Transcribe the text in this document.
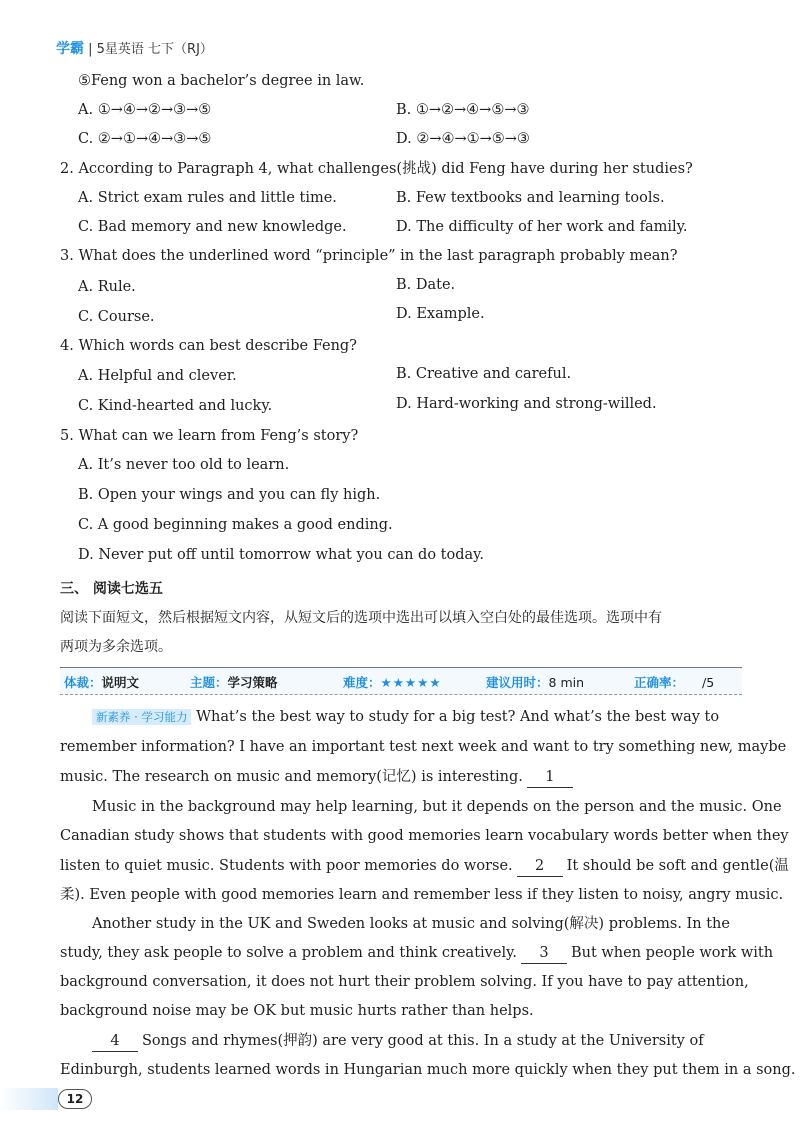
学霸 | 5星英语 七下（RJ）
⑤Feng won a bachelor’s degree in law.
A. ①→④→②→③→⑤	B. ①→②→④→⑤→③
C. ②→①→④→③→⑤	D. ②→④→①→⑤→③
2. According to Paragraph 4, what challenges(挑战) did Feng have during her studies?
A. Strict exam rules and little time.	B. Few textbooks and learning tools.
C. Bad memory and new knowledge.	D. The difficulty of her work and family.
3. What does the underlined word “principle” in the last paragraph probably mean?
A. Rule.	B. Date.
C. Course.	D. Example.
4. Which words can best describe Feng?
A. Helpful and clever.	B. Creative and careful.
C. Kind-hearted and lucky.	D. Hard-working and strong-willed.
5. What can we learn from Feng’s story?
A. It’s never too old to learn.
B. Open your wings and you can fly high.
C. A good beginning makes a good ending.
D. Never put off until tomorrow what you can do today.
三、 阅读七选五
阅读下面短文，然后根据短文内容，从短文后的选项中选出可以填入空白处的最佳选项。选项中有
两项为多余选项。
体裁：说明文	主题：学习策略	难度：★★★★★	建议用时：8 min	正确率： /5
新素养 · 学习能力 What’s the best way to study for a big test? And what’s the best way to
remember information? I have an important test next week and want to try something new, maybe
music. The research on music and memory(记忆) is interesting. 1
Music in the background may help learning, but it depends on the person and the music. One
Canadian study shows that students with good memories learn vocabulary words better when they
listen to quiet music. Students with poor memories do worse. 2 It should be soft and gentle(温
柔). Even people with good memories learn and remember less if they listen to noisy, angry music.
Another study in the UK and Sweden looks at music and solving(解决) problems. In the
study, they ask people to solve a problem and think creatively. 3 But when people work with
background conversation, it does not hurt their problem solving. If you have to pay attention,
background noise may be OK but music hurts rather than helps.
4 Songs and rhymes(押韵) are very good at this. In a study at the University of
Edinburgh, students learned words in Hungarian much more quickly when they put them in a song.
12
